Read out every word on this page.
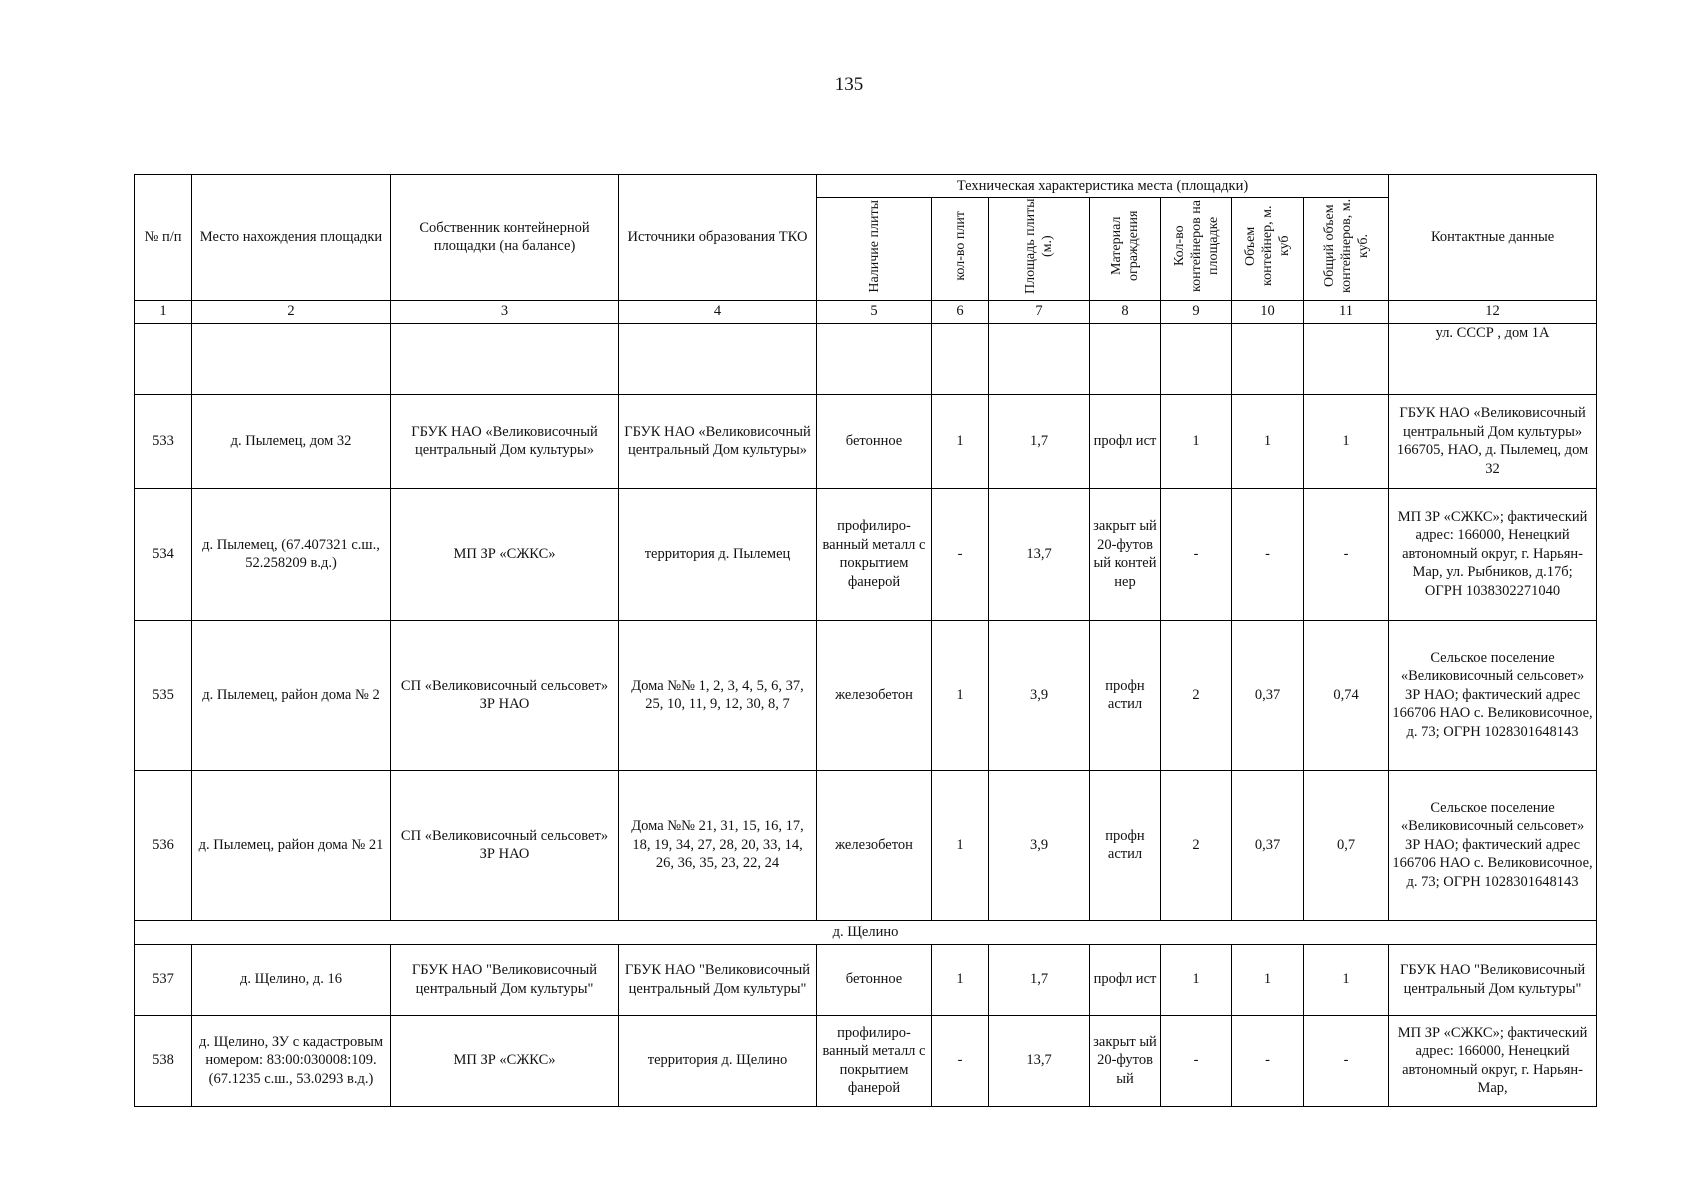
135
№ п/п	Место нахождения площадки	Собственник контейнерной площадки (на балансе)	Источники образования ТКО	Техническая характеристика места (площадки)							Контактные данные
				Наличие плиты	кол-во плит	Площадь плиты (м.)	Материал ограждения	Кол-во контейнеров на площадке	Объем контейнер, м. куб	Общий объем контейнеров, м. куб.	
1	2	3	4	5	6	7	8	9	10	11	12
											ул. СССР , дом 1А
533	д. Пылемец, дом 32	ГБУК НАО «Великовисочный центральный Дом культуры»	ГБУК НАО «Великовисочный центральный Дом культуры»	бетонное	1	1,7	профл ист	1	1	1	ГБУК НАО «Великовисочный центральный Дом культуры» 166705, НАО, д. Пылемец, дом 32
534	д. Пылемец, (67.407321 с.ш., 52.258209 в.д.)	МП ЗР «СЖКС»	территория д. Пылемец	профилиро-ванный металл с покрытием фанерой	-	13,7	закрыт ый 20-футов ый контей нер	-	-	-	МП ЗР «СЖКС»; фактический адрес: 166000, Ненецкий автономный округ, г. Нарьян-Мар, ул. Рыбников, д.17б; ОГРН 1038302271040
535	д. Пылемец, район дома № 2	СП «Великовисочный сельсовет» ЗР НАО	Дома №№ 1, 2, 3, 4, 5, 6, 37, 25, 10, 11, 9, 12, 30, 8, 7	железобетон	1	3,9	профн астил	2	0,37	0,74	Сельское поселение «Великовисочный сельсовет» ЗР НАО; фактический адрес 166706 НАО с. Великовисочное, д. 73; ОГРН 1028301648143
536	д. Пылемец, район дома № 21	СП «Великовисочный сельсовет» ЗР НАО	Дома №№ 21, 31, 15, 16, 17, 18, 19, 34, 27, 28, 20, 33, 14, 26, 36, 35, 23, 22, 24	железобетон	1	3,9	профн астил	2	0,37	0,7	Сельское поселение «Великовисочный сельсовет» ЗР НАО; фактический адрес 166706 НАО с. Великовисочное, д. 73; ОГРН 1028301648143
д. Щелино											
537	д. Щелино, д. 16	ГБУК НАО "Великовисочный центральный Дом культуры"	ГБУК НАО "Великовисочный центральный Дом культуры"	бетонное	1	1,7	профл ист	1	1	1	ГБУК НАО "Великовисочный центральный Дом культуры"
538	д. Щелино, ЗУ с кадастровым номером: 83:00:030008:109. (67.1235 с.ш., 53.0293 в.д.)	МП ЗР «СЖКС»	территория д. Щелино	профилиро-ванный металл с покрытием фанерой	-	13,7	закрыт ый 20-футов ый	-	-	-	МП ЗР «СЖКС»; фактический адрес: 166000, Ненецкий автономный округ, г. Нарьян-Мар,
